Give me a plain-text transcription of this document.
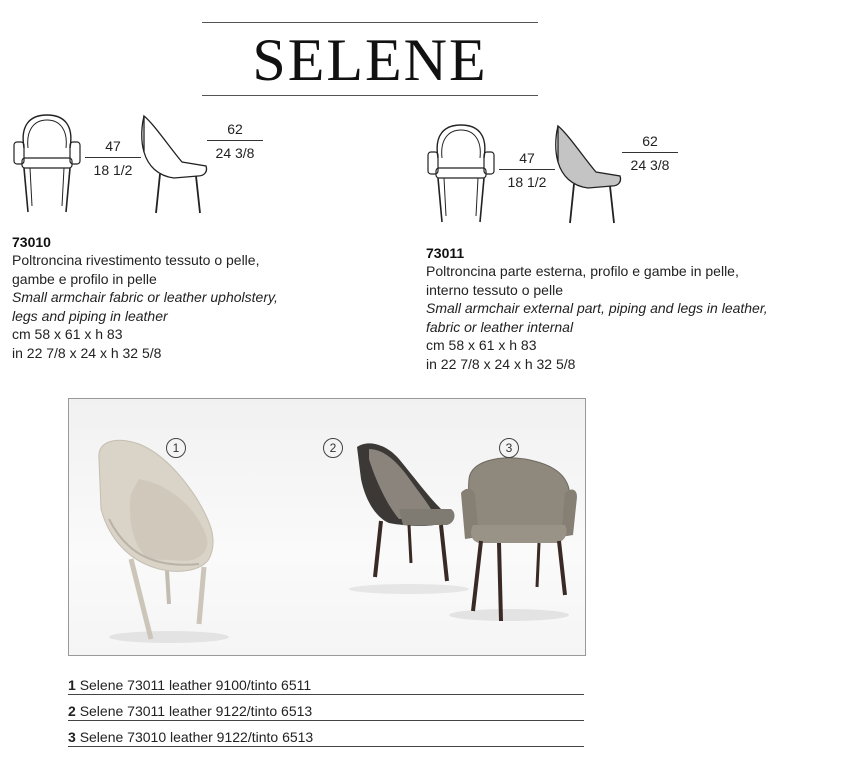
SELENE
47
18 1/2
62
24 3/8
73010
Poltroncina rivestimento tessuto o pelle,
gambe e profilo in pelle
Small armchair fabric or leather upholstery,
legs and piping in leather
cm 58 x 61 x h 83
in 22 7/8 x 24 x h 32 5/8
47
18 1/2
62
24 3/8
73011
Poltroncina parte esterna, profilo e gambe in pelle,
interno tessuto o pelle
Small armchair external part, piping and legs in leather,
fabric or leather internal
cm 58 x 61 x h 83
in 22 7/8 x 24 x h 32 5/8
1	2	3
1 Selene 73011 leather 9100/tinto 6511
2 Selene 73011 leather 9122/tinto 6513
3 Selene 73010 leather 9122/tinto 6513
